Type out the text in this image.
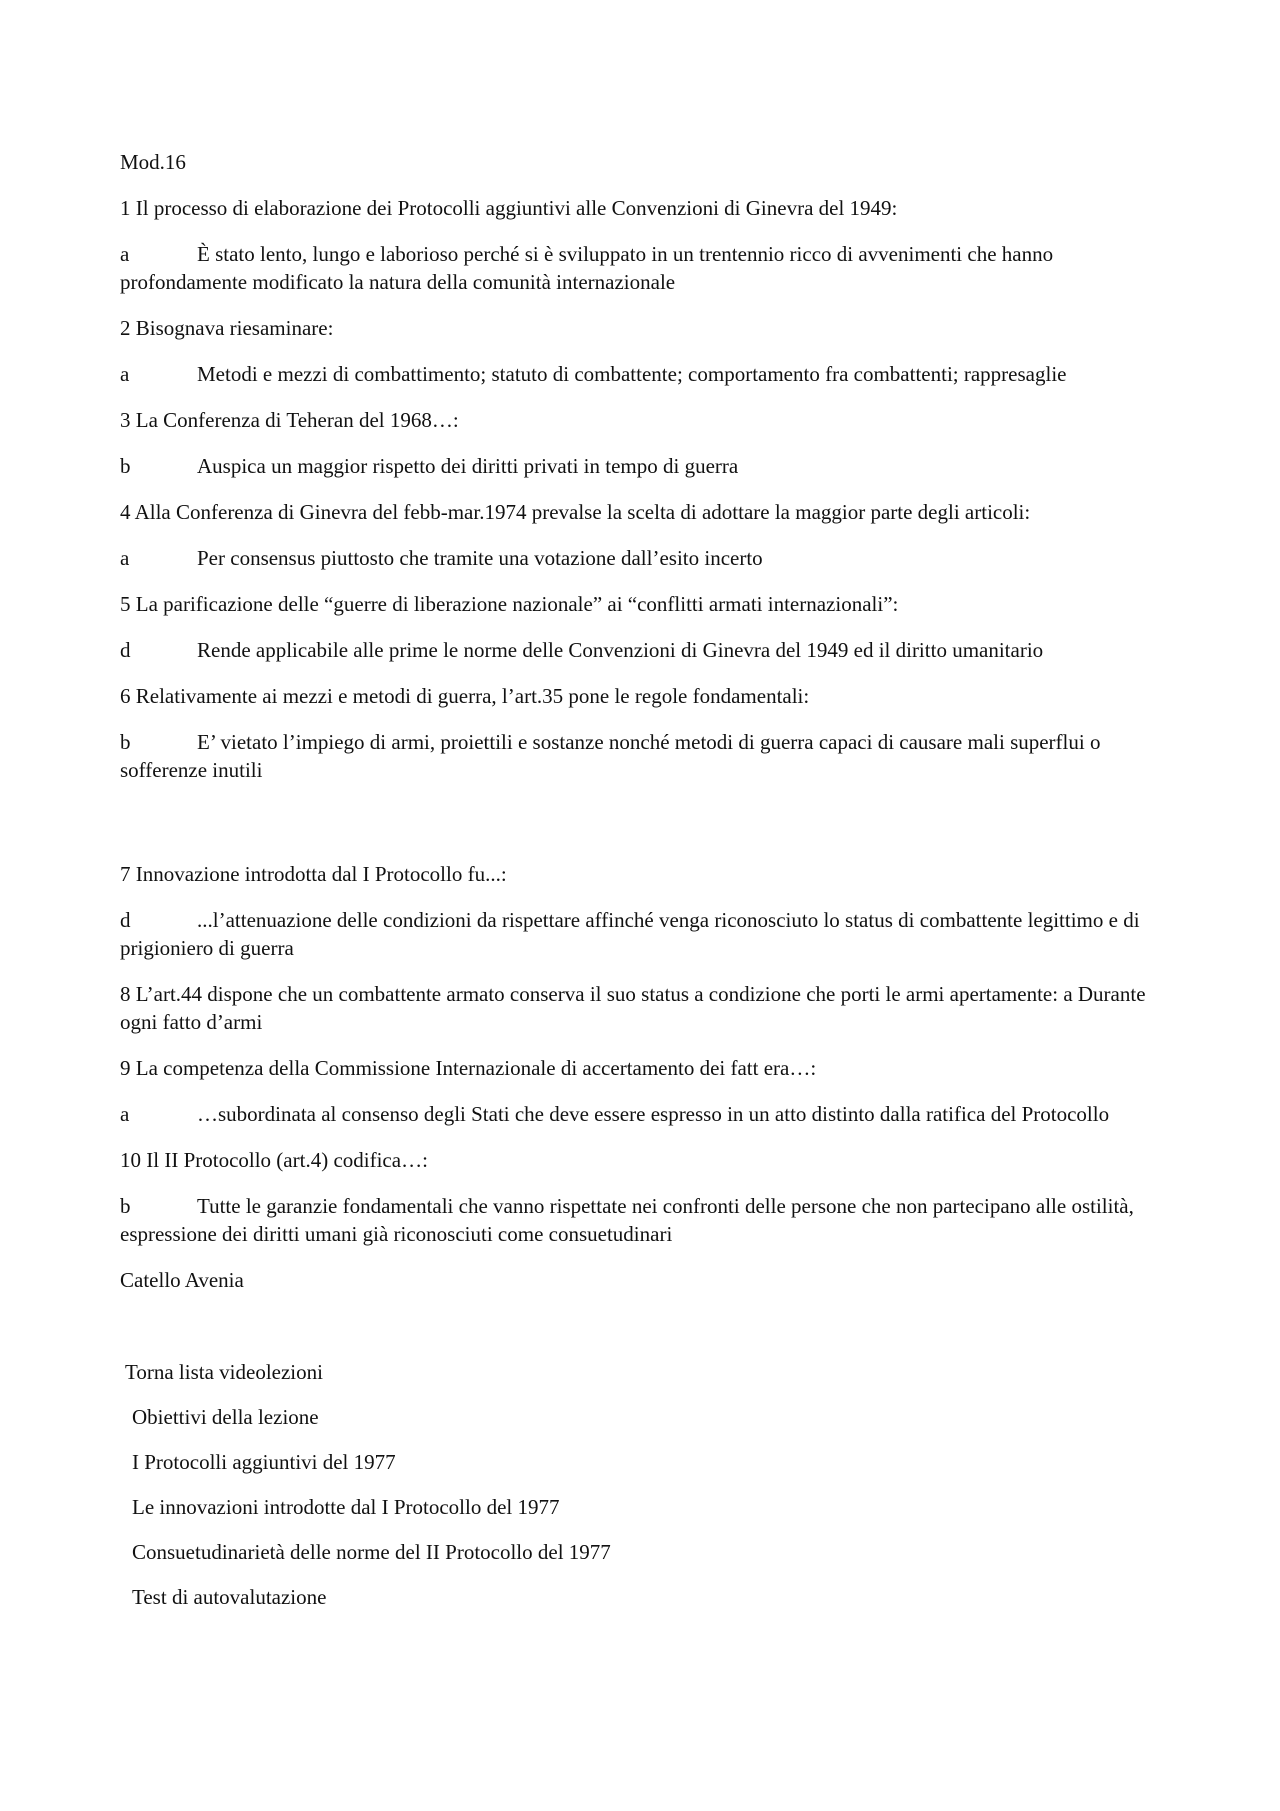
Mod.16

1 Il processo di elaborazione dei Protocolli aggiuntivi alle Convenzioni di Ginevra del 1949:

a	È stato lento, lungo e laborioso perché si è sviluppato in un trentennio ricco di avvenimenti che hanno profondamente modificato la natura della comunità internazionale

2 Bisognava riesaminare:

a	Metodi e mezzi di combattimento; statuto di combattente; comportamento fra combattenti; rappresaglie

3 La Conferenza di Teheran del 1968…:

b	Auspica un maggior rispetto dei diritti privati in tempo di guerra

4 Alla Conferenza di Ginevra del febb-mar.1974 prevalse la scelta di adottare la maggior parte degli articoli:

a	Per consensus piuttosto che tramite una votazione dall’esito incerto

5 La parificazione delle “guerre di liberazione nazionale” ai “conflitti armati internazionali”:

d	Rende applicabile alle prime le norme delle Convenzioni di Ginevra del 1949 ed il diritto umanitario

6 Relativamente ai mezzi e metodi di guerra, l’art.35 pone le regole fondamentali:

b	E’ vietato l’impiego di armi, proiettili e sostanze nonché metodi di guerra capaci di causare mali superflui o sofferenze inutili

7 Innovazione introdotta dal I Protocollo fu...:

d	...l’attenuazione delle condizioni da rispettare affinché venga riconosciuto lo status di combattente legittimo e di prigioniero di guerra

8 L’art.44 dispone che un combattente armato conserva il suo status a condizione che porti le armi apertamente: a Durante ogni fatto d’armi

9 La competenza della Commissione Internazionale di accertamento dei fatt era…:

a	…subordinata al consenso degli Stati che deve essere espresso in un atto distinto dalla ratifica del Protocollo

10 Il II Protocollo (art.4) codifica…:

b	Tutte le garanzie fondamentali che vanno rispettate nei confronti delle persone che non partecipano alle ostilità, espressione dei diritti umani già riconosciuti come consuetudinari

Catello Avenia

Torna lista videolezioni

Obiettivi della lezione

I Protocolli aggiuntivi del 1977

Le innovazioni introdotte dal I Protocollo del 1977

Consuetudinarietà delle norme del II Protocollo del 1977

Test di autovalutazione
